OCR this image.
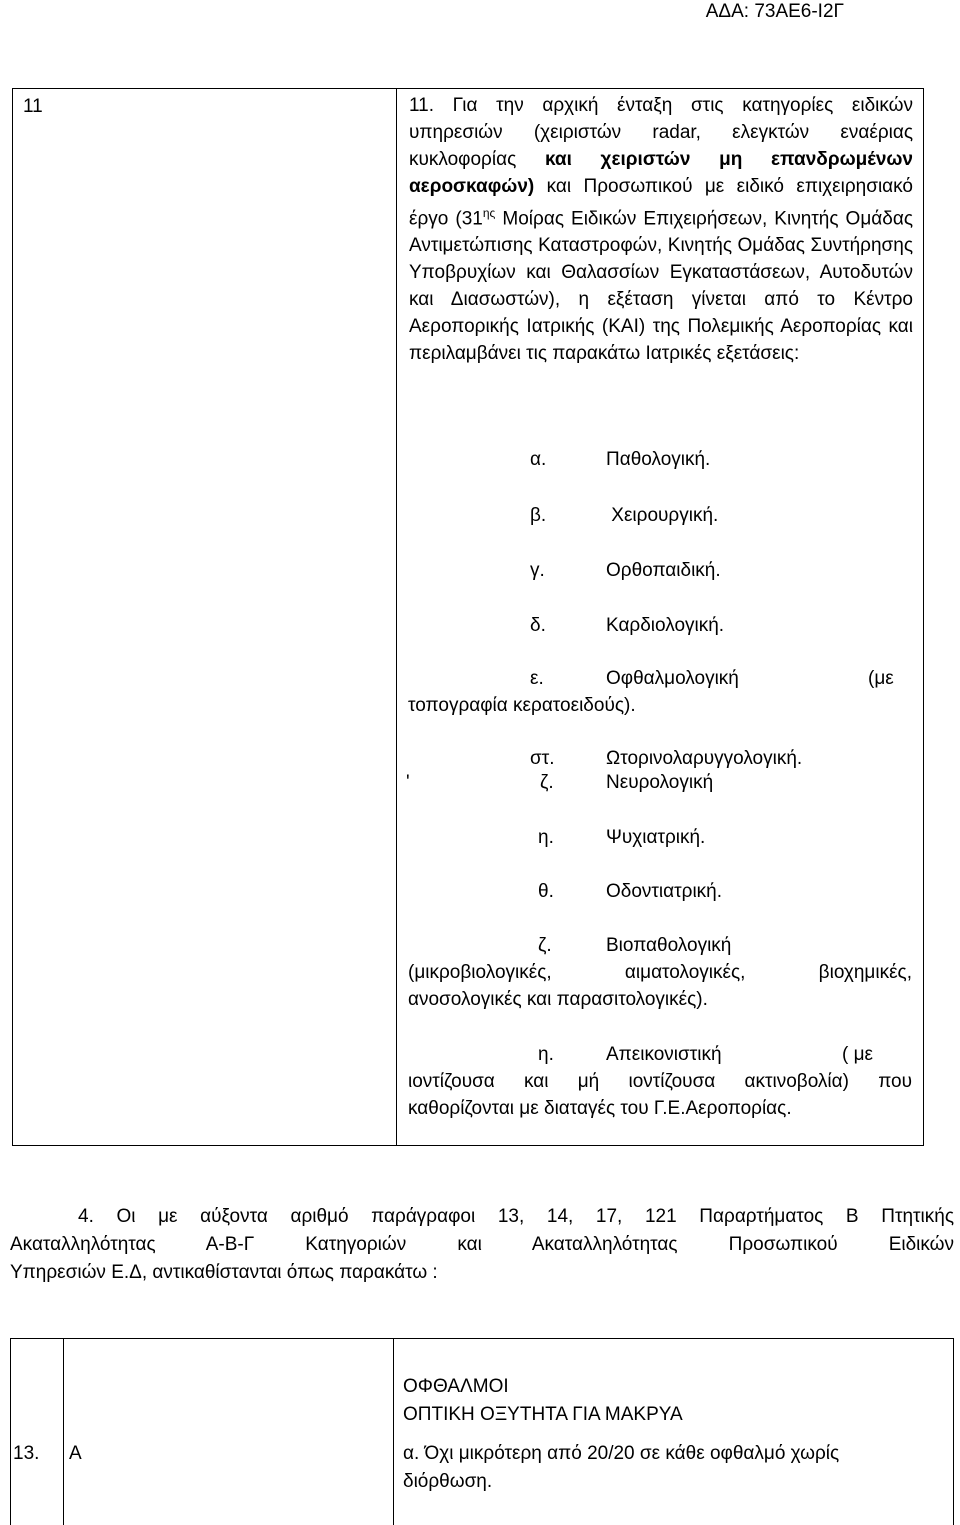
ΑΔΑ: 73ΑΕ6-Ι2Γ
11	11. Για την αρχική ένταξη στις κατηγορίες ειδικών υπηρεσιών (χειριστών radar, ελεγκτών εναέριας κυκλοφορίας και χειριστών μη επανδρωμένων αεροσκαφών) και Προσωπικού με ειδικό επιχειρησιακό έργο ($31^{\eta\varsigma}$ Μοίρας Ειδικών Επιχειρήσεων, Κινητής Ομάδας Αντιμετώπισης Καταστροφών, Κινητής Ομάδας Συντήρησης Υποβρυχίων και Θαλασσίων Εγκαταστάσεων, Αυτοδυτών και Διασωστών), η εξέταση γίνεται από το Κέντρο Αεροπορικής Ιατρικής (ΚΑΙ) της Πολεμικής Αεροπορίας και περιλαμβάνει τις παρακάτω Ιατρικές εξετάσεις:
α.	Παθολογική.
β.	Χειρουργική.
γ.	Ορθοπαιδική.
δ.	Καρδιολογική.
ε.	Οφθαλμολογική	(με
τοπογραφία κερατοειδούς).
στ.	Ωτορινολαρυγγολογική.
'	ζ.	Νευρολογική
η.	Ψυχιατρική.
θ.	Οδοντιατρική.
ζ.	Βιοπαθολογική
(μικροβιολογικές, αιματολογικές, βιοχημικές,
ανοσολογικές και παρασιτολογικές).
η.	Απεικονιστική	( με
ιοντίζουσα και μή ιοντίζουσα ακτινοβολία) που
καθορίζονται με διαταγές του Γ.Ε.Αεροπορίας.
4. Οι με αύξοντα αριθμό παράγραφοι 13, 14, 17, 121 Παραρτήματος Β Πτητικής
Ακαταλληλότητας Α-Β-Γ Κατηγοριών και Ακαταλληλότητας Προσωπικού Ειδικών
Υπηρεσιών Ε.Δ, αντικαθίστανται όπως παρακάτω :
ΟΦΘΑΛΜΟΙ
ΟΠΤΙΚΗ ΟΞΥΤΗΤΑ ΓΙΑ ΜΑΚΡΥΑ
13. Α	α. Όχι μικρότερη από 20/20 σε κάθε οφθαλμό χωρίς
διόρθωση.
